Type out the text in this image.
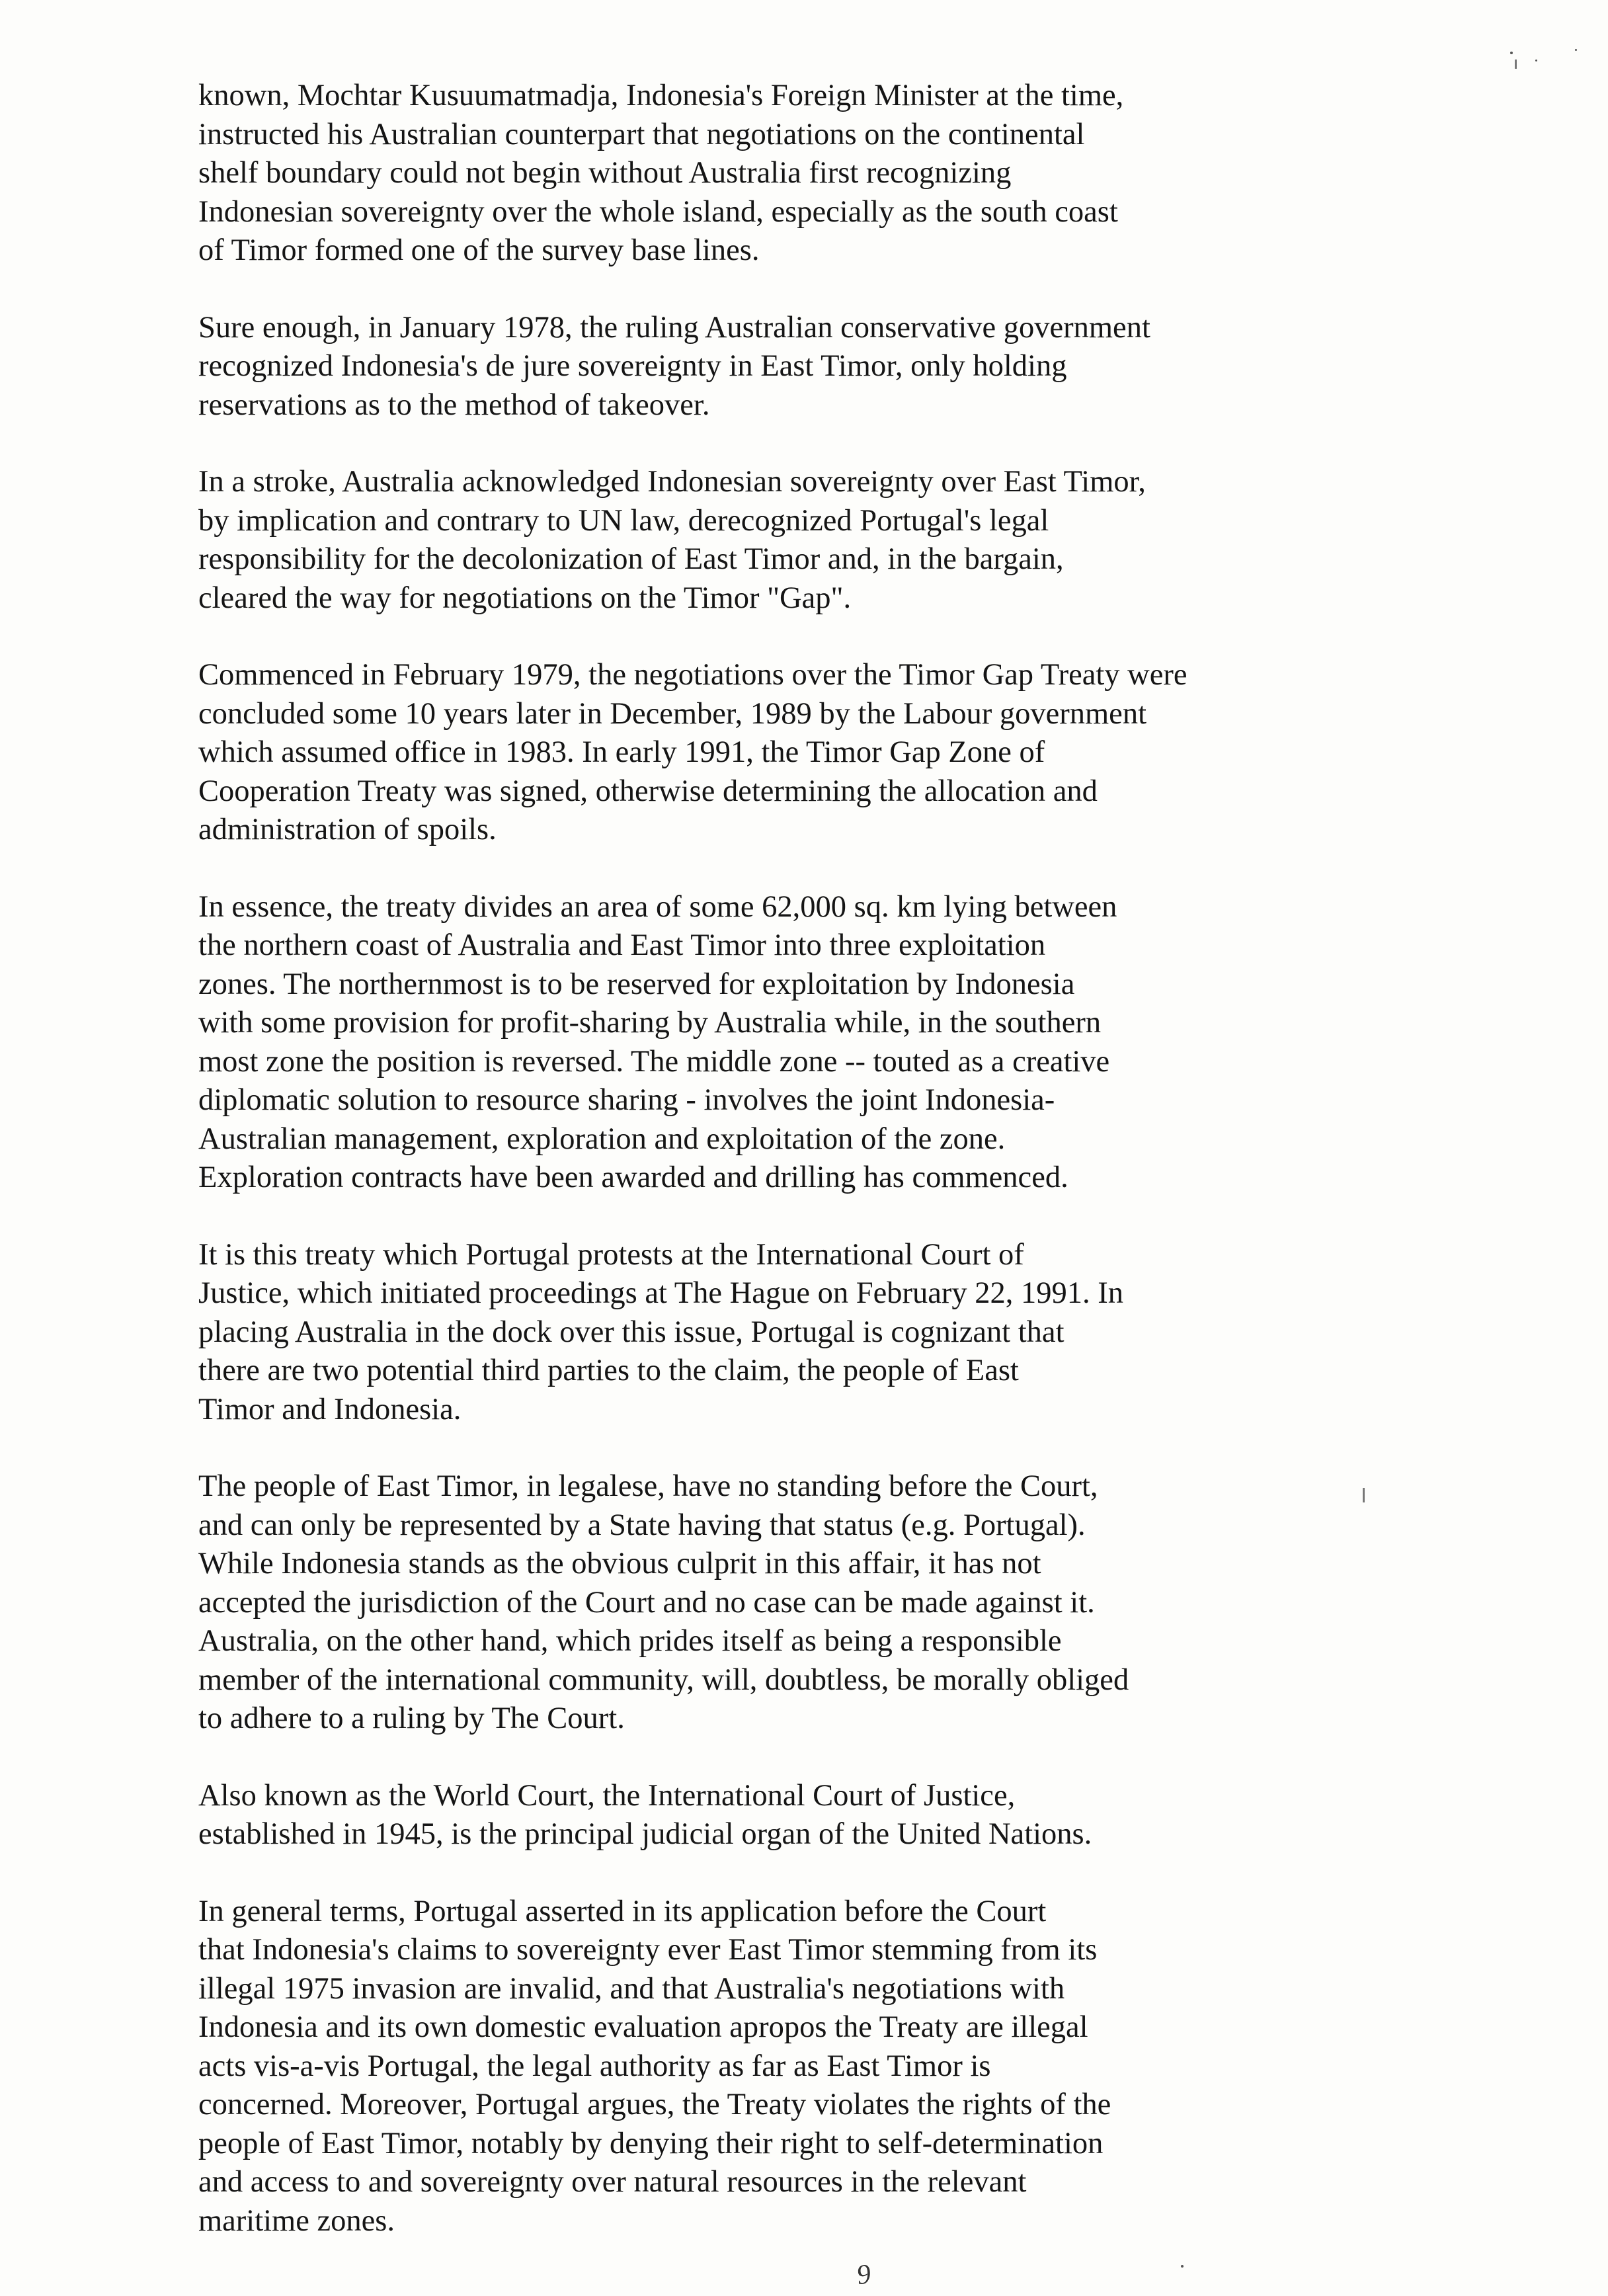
known, Mochtar Kusuumatmadja, Indonesia's Foreign Minister at the time,
instructed his Australian counterpart that negotiations on the continental
shelf boundary could not begin without Australia first recognizing
Indonesian sovereignty over the whole island, especially as the south coast
of Timor formed one of the survey base lines.
Sure enough, in January 1978, the ruling Australian conservative government
recognized Indonesia's de jure sovereignty in East Timor, only holding
reservations as to the method of takeover.
In a stroke, Australia acknowledged Indonesian sovereignty over East Timor,
by implication and contrary to UN law, derecognized Portugal's legal
responsibility for the decolonization of East Timor and, in the bargain,
cleared the way for negotiations on the Timor "Gap".
Commenced in February 1979, the negotiations over the Timor Gap Treaty were
concluded some 10 years later in December, 1989 by the Labour government
which assumed office in 1983. In early 1991, the Timor Gap Zone of
Cooperation Treaty was signed, otherwise determining the allocation and
administration of spoils.
In essence, the treaty divides an area of some 62,000 sq. km lying between
the northern coast of Australia and East Timor into three exploitation
zones. The northernmost is to be reserved for exploitation by Indonesia
with some provision for profit-sharing by Australia while, in the southern
most zone the position is reversed. The middle zone -- touted as a creative
diplomatic solution to resource sharing - involves the joint Indonesia-
Australian management, exploration and exploitation of the zone.
Exploration contracts have been awarded and drilling has commenced.
It is this treaty which Portugal protests at the International Court of
Justice, which initiated proceedings at The Hague on February 22, 1991. In
placing Australia in the dock over this issue, Portugal is cognizant that
there are two potential third parties to the claim, the people of East
Timor and Indonesia.
The people of East Timor, in legalese, have no standing before the Court,
and can only be represented by a State having that status (e.g. Portugal).
While Indonesia stands as the obvious culprit in this affair, it has not
accepted the jurisdiction of the Court and no case can be made against it.
Australia, on the other hand, which prides itself as being a responsible
member of the international community, will, doubtless, be morally obliged
to adhere to a ruling by The Court.
Also known as the World Court, the International Court of Justice,
established in 1945, is the principal judicial organ of the United Nations.
In general terms, Portugal asserted in its application before the Court
that Indonesia's claims to sovereignty ever East Timor stemming from its
illegal 1975 invasion are invalid, and that Australia's negotiations with
Indonesia and its own domestic evaluation apropos the Treaty are illegal
acts vis-a-vis Portugal, the legal authority as far as East Timor is
concerned. Moreover, Portugal argues, the Treaty violates the rights of the
people of East Timor, notably by denying their right to self-determination
and access to and sovereignty over natural resources in the relevant
maritime zones.
9
